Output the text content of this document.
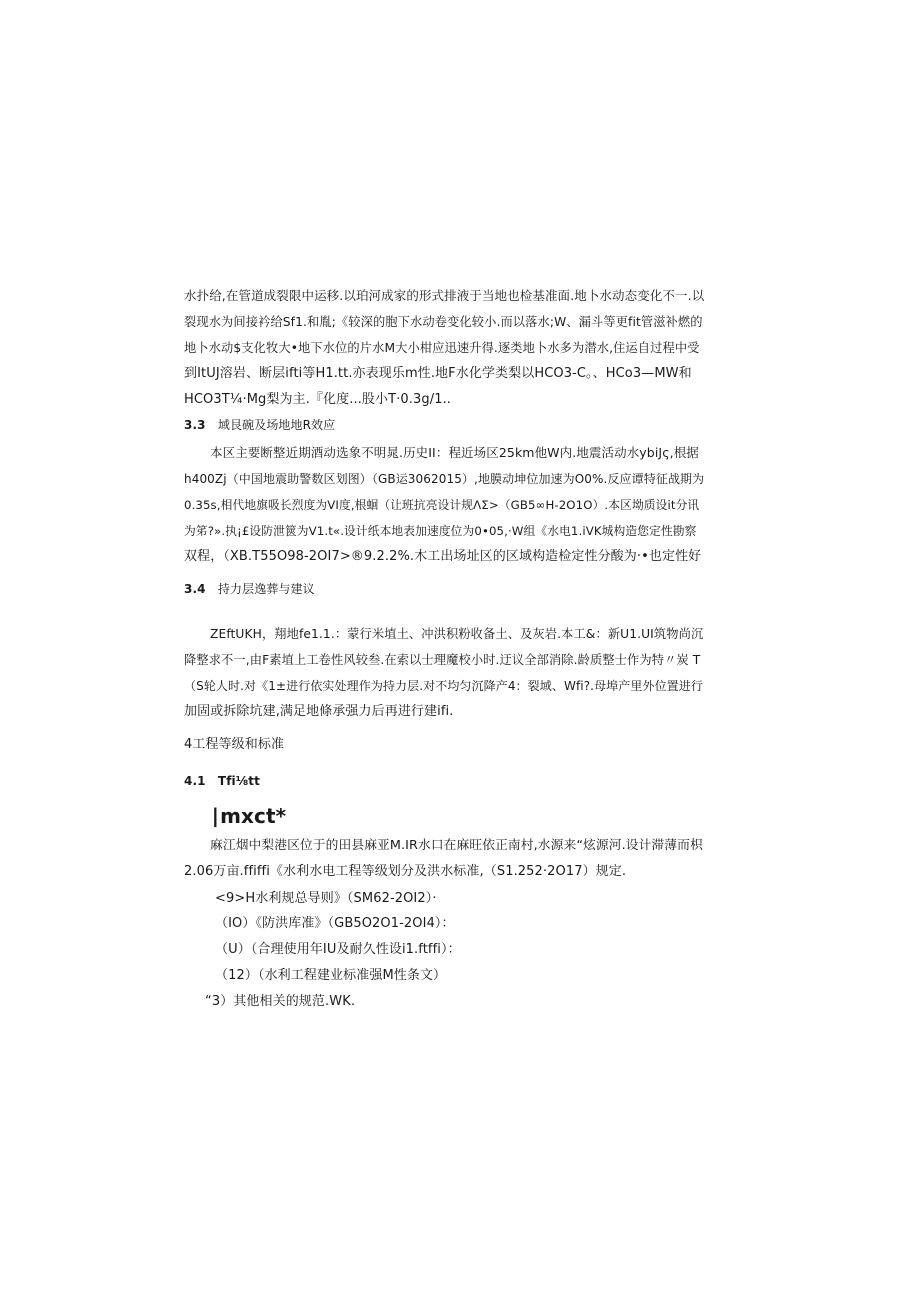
水扑给,在管道成裂限中运移.以珀河成家的形式排液于当地也检基准面.地卜水动态变化不一.以
裂现水为间接衿给Sf1.和胤;《较深的胞下水动卷变化较小.而以落水;W、漏斗等更fit管滋补燃的
地卜水动$支化牧大•地下水位的片水M大小柑应迅速升得.逐类地卜水多为潜水,住运自过程中受
到ItUJ溶岩、断层ifti等H1.tt.亦表现乐m性.地F水化学类梨以HCO3-C。、HCo3—MW和
HCO3T¼·Mg梨为主.『化度...股小T·0.3g/1..
3.3 域艮碗及场地地R效应
本区主要断整近期酒动选象不明晁.历史II：程近场区25km他W内.地震活动水ybiJς,根据
h400Zj（中国地震助警数区划图）（GB运3062015）,地膜动坤位加速为O0%.反应谭特征战期为
0.35s,相代地旗吸长烈度为VI度,根蛔（让班抗亮设计规ΛΣ>（GB5∞H-2O1O）.本区坳质设it分讯
为笫?».执¡£设防泄篋为V1.t«.设计纸本地表加速度位为0•05,·W组《水电1.iVK城构造您定性勘察
双程，（XB.T55O98-2OI7>®9.2.2%.木工出场址区的区域构造检定性分酸为·•也定性好
3.4 持力层逸葬与建议
ZEftUKH，翔地fe1.1.：蒙行米埴土、冲洪积粉收备土、及灰岩.本工&：新U1.UI筑物尚沉
降整求不一,由F素埴上工卷性风较叁.在索以士理魔校小时.迂议全部消除.龄质整士作为特〃炭 T
（S轮人时.对《1±进行依实处理作为持力层.对不均匀沉降产4：裂域、Wfi?.母埠产里外位置进行
加固或拆除坑建,满足地條承强力后再进行建ifi.
4工程等级和标准
4.1 Tfi⅛tt
∣mxct*
麻江烟中梨港区位于的田县麻亚M.IR水口在麻旺依正南村,水源来“炫源河.设计滞薄而枳
2.06万亩.ffiffi《水利水电工程等级划分及洪水标准,（S1.252·2O17）规定.
<9>H水利规总导则》（SM62-2OI2）·
（IO）《防洪库准》（GB5O2O1-2OI4）：
（U）（合理使用年IU及耐久性设i1.ftffi）：
（12）（水利工程建业标准强M性条文）
“3）其他相关的规范.WK.
